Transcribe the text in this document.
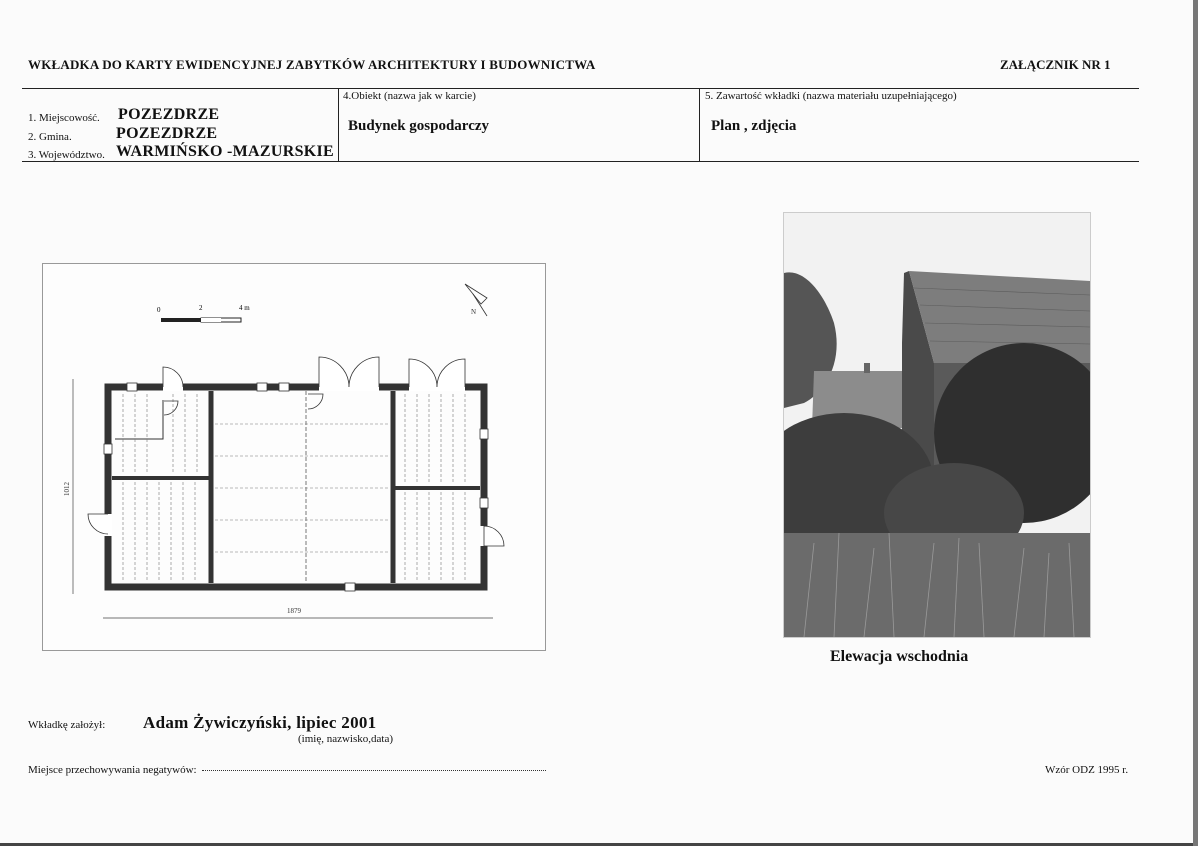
WKŁADKA DO KARTY EWIDENCYJNEJ ZABYTKÓW ARCHITEKTURY I BUDOWNICTWA	ZAŁĄCZNIK NR 1
1. Miejscowość. POZEZDRZE
2. Gmina.	POZEZDRZE
3. Województwo. WARMIŃSKO -MAZURSKIE
4.Obiekt (nazwa jak w karcie)
Budynek gospodarczy
5. Zawartość wkładki (nazwa materiału uzupełniającego)
Plan , zdjęcia
0	2	4 m	N
1879
1012
Elewacja wschodnia
Wkładkę założył: Adam Żywiczyński, lipiec 2001
(imię, nazwisko,data)
Miejsce przechowywania negatywów:	Wzór ODZ 1995 r.
